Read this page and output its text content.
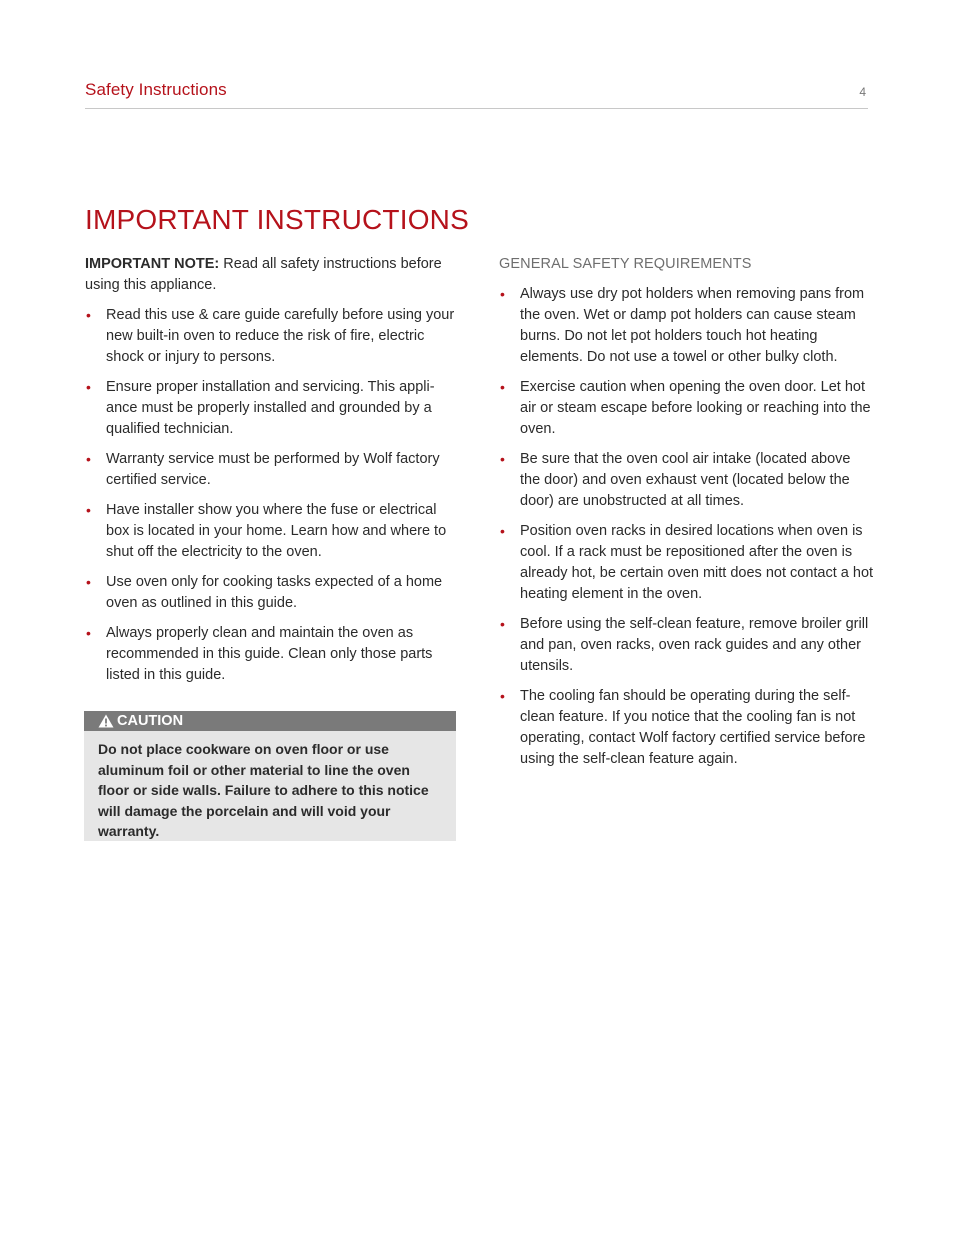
Safety Instructions	4
IMPORTANT INSTRUCTIONS

IMPORTANT NOTE: Read all safety instructions before using this appliance.

• Read this use & care guide carefully before using your new built-in oven to reduce the risk of fire, electric shock or injury to persons.
• Ensure proper installation and servicing. This appli-ance must be properly installed and grounded by a qualified technician.
• Warranty service must be performed by Wolf factory certified service.
• Have installer show you where the fuse or electrical box is located in your home. Learn how and where to shut off the electricity to the oven.
• Use oven only for cooking tasks expected of a home oven as outlined in this guide.
• Always properly clean and maintain the oven as recommended in this guide. Clean only those parts listed in this guide.
CAUTION

Do not place cookware on oven floor or use aluminum foil or other material to line the oven floor or side walls. Failure to adhere to this notice will damage the porcelain and will void your warranty.

GENERAL SAFETY REQUIREMENTS
• Always use dry pot holders when removing pans from the oven. Wet or damp pot holders can cause steam burns. Do not let pot holders touch hot heating elements. Do not use a towel or other bulky cloth.
• Exercise caution when opening the oven door. Let hot air or steam escape before looking or reaching into the oven.
• Be sure that the oven cool air intake (located above the door) and oven exhaust vent (located below the door) are unobstructed at all times.
• Position oven racks in desired locations when oven is cool. If a rack must be repositioned after the oven is already hot, be certain oven mitt does not contact a hot heating element in the oven.
• Before using the self-clean feature, remove broiler grill and pan, oven racks, oven rack guides and any other utensils.
• The cooling fan should be operating during the self-clean feature. If you notice that the cooling fan is not operating, contact Wolf factory certified service before using the self-clean feature again.
